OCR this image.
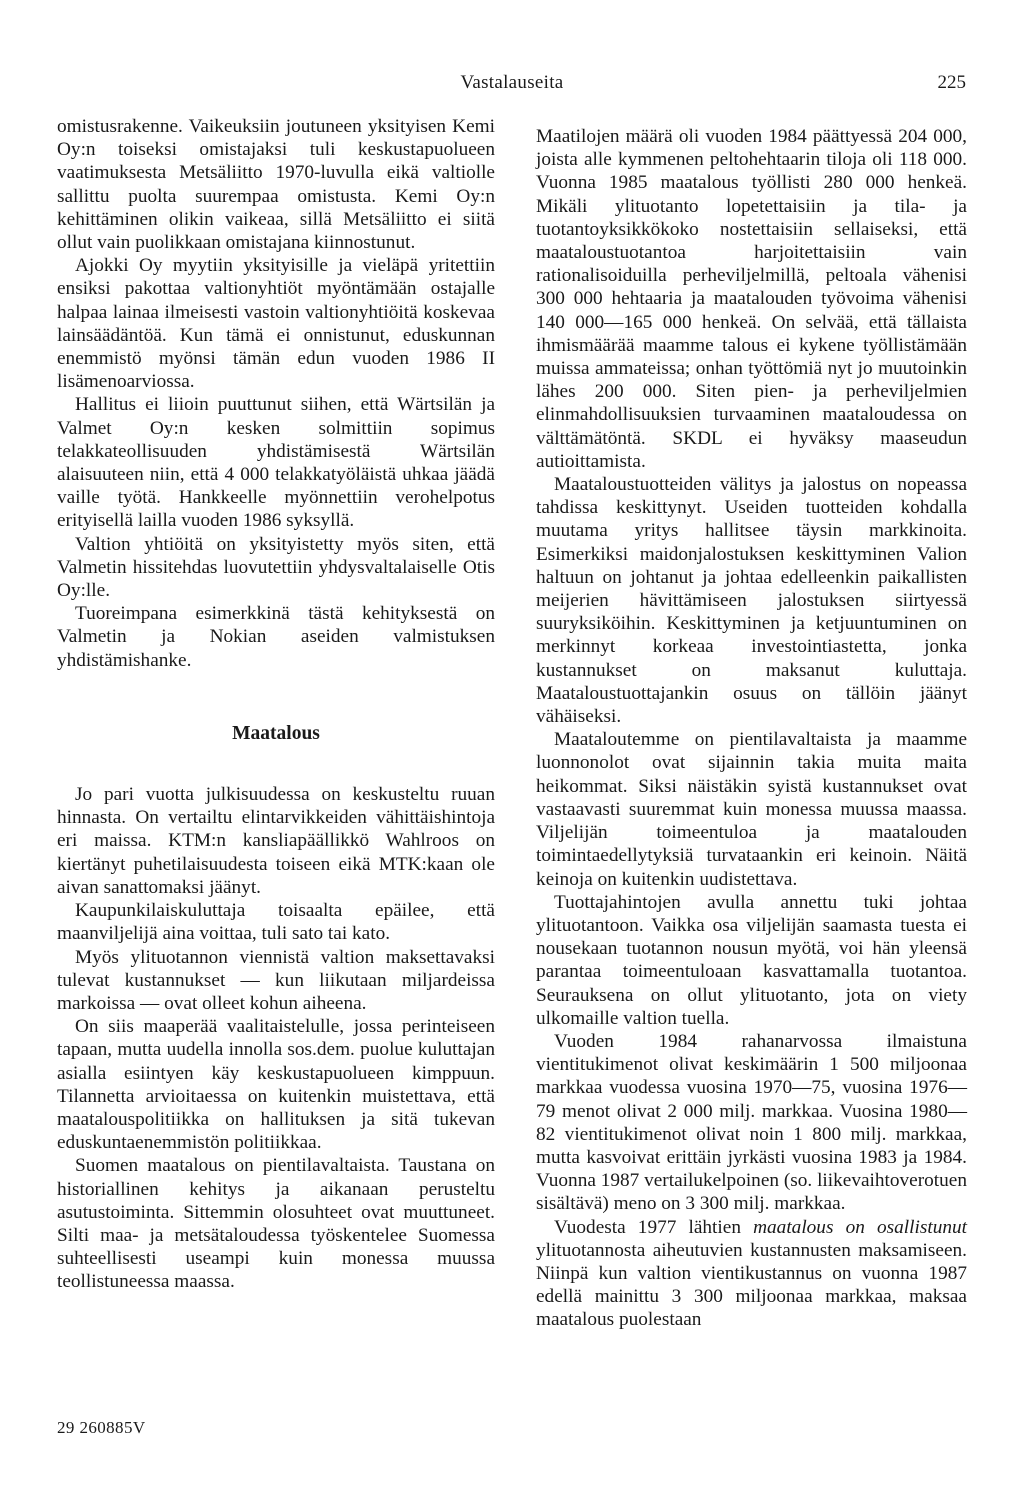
Vastalauseita	225

omistusrakenne. Vaikeuksiin joutuneen yksityisen Kemi Oy:n toiseksi omistajaksi tuli keskustapuolueen vaatimuksesta Metsäliitto 1970-luvulla eikä valtiolle sallittu puolta suurempaa omistusta. Kemi Oy:n kehittäminen olikin vaikeaa, sillä Metsäliitto ei siitä ollut vain puolikkaan omistajana kiinnostunut.

Ajokki Oy myytiin yksityisille ja vieläpä yritettiin ensiksi pakottaa valtionyhtiöt myöntämään ostajalle halpaa lainaa ilmeisesti vastoin valtionyhtiöitä koskevaa lainsäädäntöä. Kun tämä ei onnistunut, eduskunnan enemmistö myönsi tämän edun vuoden 1986 II lisämenoarviossa.

Hallitus ei liioin puuttunut siihen, että Wärtsilän ja Valmet Oy:n kesken solmittiin sopimus telakkateollisuuden yhdistämisestä Wärtsilän alaisuuteen niin, että 4 000 telakkatyöläistä uhkaa jäädä vaille työtä. Hankkeelle myönnettiin verohelpotus erityisellä lailla vuoden 1986 syksyllä.

Valtion yhtiöitä on yksityistetty myös siten, että Valmetin hissitehdas luovutettiin yhdysvaltalaiselle Otis Oy:lle.

Tuoreimpana esimerkkinä tästä kehityksestä on Valmetin ja Nokian aseiden valmistuksen yhdistämishanke.

Maatalous

Jo pari vuotta julkisuudessa on keskusteltu ruuan hinnasta. On vertailtu elintarvikkeiden vähittäishintoja eri maissa. KTM:n kansliapäällikkö Wahlroos on kiertänyt puhetilaisuudesta toiseen eikä MTK:kaan ole aivan sanattomaksi jäänyt.

Kaupunkilaiskuluttaja toisaalta epäilee, että maanviljelijä aina voittaa, tuli sato tai kato.

Myös ylituotannon viennistä valtion maksettavaksi tulevat kustannukset — kun liikutaan miljardeissa markoissa — ovat olleet kohun aiheena.

On siis maaperää vaalitaistelulle, jossa perinteiseen tapaan, mutta uudella innolla sos.dem. puolue kuluttajan asialla esiintyen käy keskustapuolueen kimppuun. Tilannetta arvioitaessa on kuitenkin muistettava, että maatalouspolitiikka on hallituksen ja sitä tukevan eduskuntaenemmistön politiikkaa.

Suomen maatalous on pientilavaltaista. Taustana on historiallinen kehitys ja aikanaan perusteltu asutustoiminta. Sittemmin olosuhteet ovat muuttuneet. Silti maa- ja metsätaloudessa työskentelee Suomessa suhteellisesti useampi kuin monessa muussa teollistuneessa maassa.

Maatilojen määrä oli vuoden 1984 päättyessä 204 000, joista alle kymmenen peltohehtaarin tiloja oli 118 000. Vuonna 1985 maatalous työllisti 280 000 henkeä. Mikäli ylituotanto lopetettaisiin ja tila- ja tuotantoyksikkökoko nostettaisiin sellaiseksi, että maataloustuotantoa harjoitettaisiin vain rationalisoiduilla perheviljelmillä, peltoala vähenisi 300 000 hehtaaria ja maatalouden työvoima vähenisi 140 000—165 000 henkeä. On selvää, että tällaista ihmismäärää maamme talous ei kykene työllistämään muissa ammateissa; onhan työttömiä nyt jo muutoinkin lähes 200 000. Siten pien- ja perheviljelmien elinmahdollisuuksien turvaaminen maataloudessa on välttämätöntä. SKDL ei hyväksy maaseudun autioittamista.

Maataloustuotteiden välitys ja jalostus on nopeassa tahdissa keskittynyt. Useiden tuotteiden kohdalla muutama yritys hallitsee täysin markkinoita. Esimerkiksi maidonjalostuksen keskittyminen Valion haltuun on johtanut ja johtaa edelleenkin paikallisten meijerien hävittämiseen jalostuksen siirtyessä suuryksiköihin. Keskittyminen ja ketjuuntuminen on merkinnyt korkeaa investointiastetta, jonka kustannukset on maksanut kuluttaja. Maataloustuottajankin osuus on tällöin jäänyt vähäiseksi.

Maataloutemme on pientilavaltaista ja maamme luonnonolot ovat sijainnin takia muita maita heikommat. Siksi näistäkin syistä kustannukset ovat vastaavasti suuremmat kuin monessa muussa maassa. Viljelijän toimeentuloa ja maatalouden toimintaedellytyksiä turvataankin eri keinoin. Näitä keinoja on kuitenkin uudistettava.

Tuottajahintojen avulla annettu tuki johtaa ylituotantoon. Vaikka osa viljelijän saamasta tuesta ei nousekaan tuotannon nousun myötä, voi hän yleensä parantaa toimeentuloaan kasvattamalla tuotantoa. Seurauksena on ollut ylituotanto, jota on viety ulkomaille valtion tuella.

Vuoden 1984 rahanarvossa ilmaistuna vientitukimenot olivat keskimäärin 1 500 miljoonaa markkaa vuodessa vuosina 1970—75, vuosina 1976—79 menot olivat 2 000 milj. markkaa. Vuosina 1980—82 vientitukimenot olivat noin 1 800 milj. markkaa, mutta kasvoivat erittäin jyrkästi vuosina 1983 ja 1984. Vuonna 1987 vertailukelpoinen (so. liikevaihtoverotuen sisältävä) meno on 3 300 milj. markkaa.

Vuodesta 1977 lähtien maatalous on osallistunut ylituotannosta aiheutuvien kustannusten maksamiseen. Niinpä kun valtion vientikustannus on vuonna 1987 edellä mainittu 3 300 miljoonaa markkaa, maksaa maatalous puolestaan

29 260885V
